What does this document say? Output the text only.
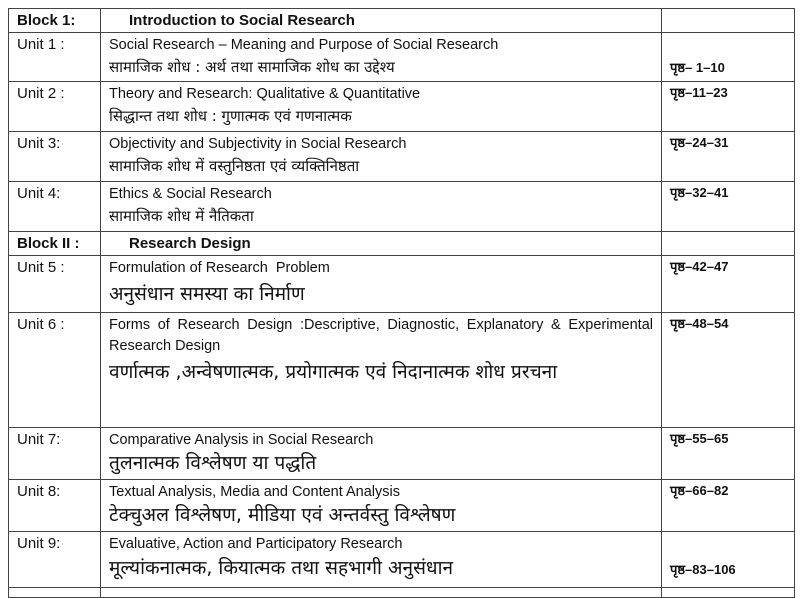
Block 1:	Introduction to Social Research	
Unit 1 :	Social Research – Meaning and Purpose of Social Research
सामाजिक शोध : अर्थ तथा सामाजिक शोध का उद्देश्य	पृष्ठ– 1–10

Unit 2 :	Theory and Research: Qualitative & Quantitative
सिद्धान्त तथा शोध : गुणात्मक एवं गणनात्मक	पृष्ठ–11–23
Unit 3:	Objectivity and Subjectivity in Social Research
सामाजिक शोध में वस्तुनिष्ठता एवं व्यक्तिनिष्ठता	पृष्ठ–24–31
Unit 4:	Ethics & Social Research
सामाजिक शोध में नैतिकता	पृष्ठ–32–41
Block II :	Research Design	
Unit 5 :	Formulation of Research  Problem
अनुसंधान समस्या का निर्माण	पृष्ठ–42–47
Unit 6 :	Forms of Research Design :Descriptive, Diagnostic, Explanatory & Experimental Research Design
वर्णात्मक ,अन्वेषणात्मक, प्रयोगात्मक एवं निदानात्मक शोध प्ररचना	पृष्ठ–48–54
Unit 7:	Comparative Analysis in Social Research
तुलनात्मक विश्लेषण या पद्धति	पृष्ठ–55–65
Unit 8:	Textual Analysis, Media and Content Analysis
टेक्चुअल विश्लेषण, मीडिया एवं अन्तर्वस्तु विश्लेषण	पृष्ठ–66–82
Unit 9:	Evaluative, Action and Participatory Research
मूल्यांकनात्मक, कियात्मक तथा सहभागी अनुसंधान	पृष्ठ–83–106
